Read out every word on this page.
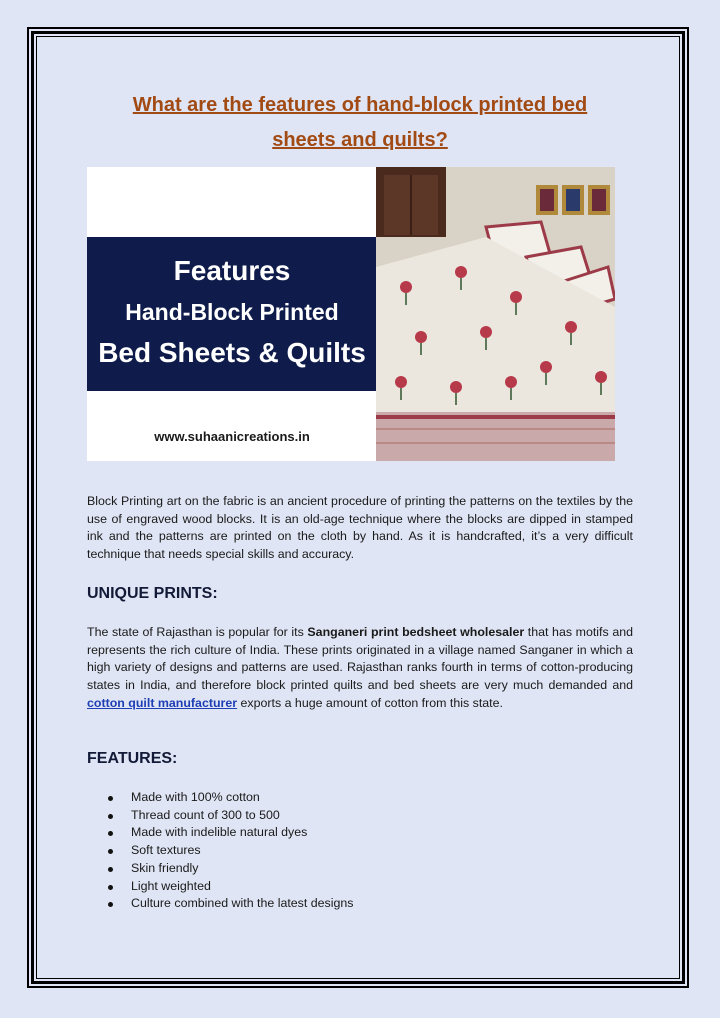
What are the features of hand-block printed bed
sheets and quilts?
Features
Hand-Block Printed
Bed Sheets & Quilts
www.suhaanicreations.in
Block Printing art on the fabric is an ancient procedure of printing the patterns on the textiles by the use of engraved wood blocks. It is an old-age technique where the blocks are dipped in stamped ink and the patterns are printed on the cloth by hand. As it is handcrafted, it’s a very difficult technique that needs special skills and accuracy.
UNIQUE PRINTS:
The state of Rajasthan is popular for its Sanganeri print bedsheet wholesaler that has motifs and represents the rich culture of India. These prints originated in a village named Sanganer in which a high variety of designs and patterns are used. Rajasthan ranks fourth in terms of cotton-producing states in India, and therefore block printed quilts and bed sheets are very much demanded and cotton quilt manufacturer exports a huge amount of cotton from this state.
FEATURES:
Made with 100% cotton
Thread count of 300 to 500
Made with indelible natural dyes
Soft textures
Skin friendly
Light weighted
Culture combined with the latest designs
